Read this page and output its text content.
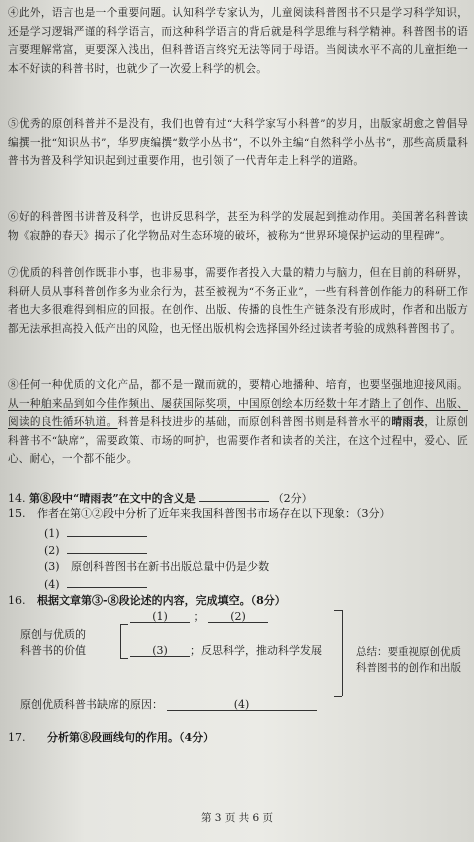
④此外，语言也是一个重要问题。认知科学专家认为，儿童阅读科普图书不只是学习科学知识，还是学习逻辑严谨的科学语言，而这种科学语言的背后就是科学思维与科学精神。科普图书的语言要理解常富，更要深入浅出，但科普语言终究无法等同于母语。当阅读水平不高的儿童拒绝一本不好读的科普书时，也就少了一次爱上科学的机会。
⑤优秀的原创科普并不是没有，我们也曾有过“大科学家写小科普”的岁月，出版家胡愈之曾倡导编撰一批“知识丛书”，华罗庚编撰“数学小丛书”，不以外主编“自然科学小丛书”，那些高质量科普书为普及科学知识起到过重要作用，也引领了一代青年走上科学的道路。
⑥好的科普图书讲普及科学，也讲反思科学，甚至为科学的发展起到推动作用。美国著名科普读物《寂静的春天》揭示了化学物品对生态环境的破坏，被称为“世界环境保护运动的里程碑”。
⑦优质的科普创作既非小事，也非易事，需要作者投入大量的精力与脑力，但在目前的科研界，科研人员从事科普创作多为业余行为，甚至被视为“不务正业”，一些有科普创作能力的科研工作者也大多很难得到相应的回报。在创作、出版、传播的良性生产链条没有形成时，作者和出版方都无法承担高投入低产出的风险，也无怪出版机构会选择国外经过读者考验的成熟科普图书了。
⑧任何一种优质的文化产品，都不是一蹴而就的，要精心地播种、培育，也要坚强地迎接风雨。从一种舶来品到如今佳作频出、屡获国际奖项，中国原创绘本历经数十年才踏上了创作、出版、阅读的良性循环轨道。科普是科技进步的基础，而原创科普图书则是科普水平的晴雨表，让原创科普书不“缺席”，需要政策、市场的呵护，也需要作者和读者的关注，在这个过程中，爱心、匠心、耐心，一个都不能少。
14. 第⑧段中“晴雨表”在文中的含义是	（2分）
15. 作者在第①②段中分析了近年来我国科普图书市场存在以下现象：（3分）
(1)
(2)
(3) 原创科普图书在新书出版总量中仍是少数
(4)
16. 根据文章第③-⑧段论述的内容，完成填空。（8分）
原创与优质的
科普书的价值
(1) ； (2)
(3) ；反思科学，推动科学发展	总结：要重视原创优质
科普图书的创作和出版
原创优质科普书缺席的原因：	(4)
17. 分析第⑧段画线句的作用。（4分）
第 3 页 共 6 页
